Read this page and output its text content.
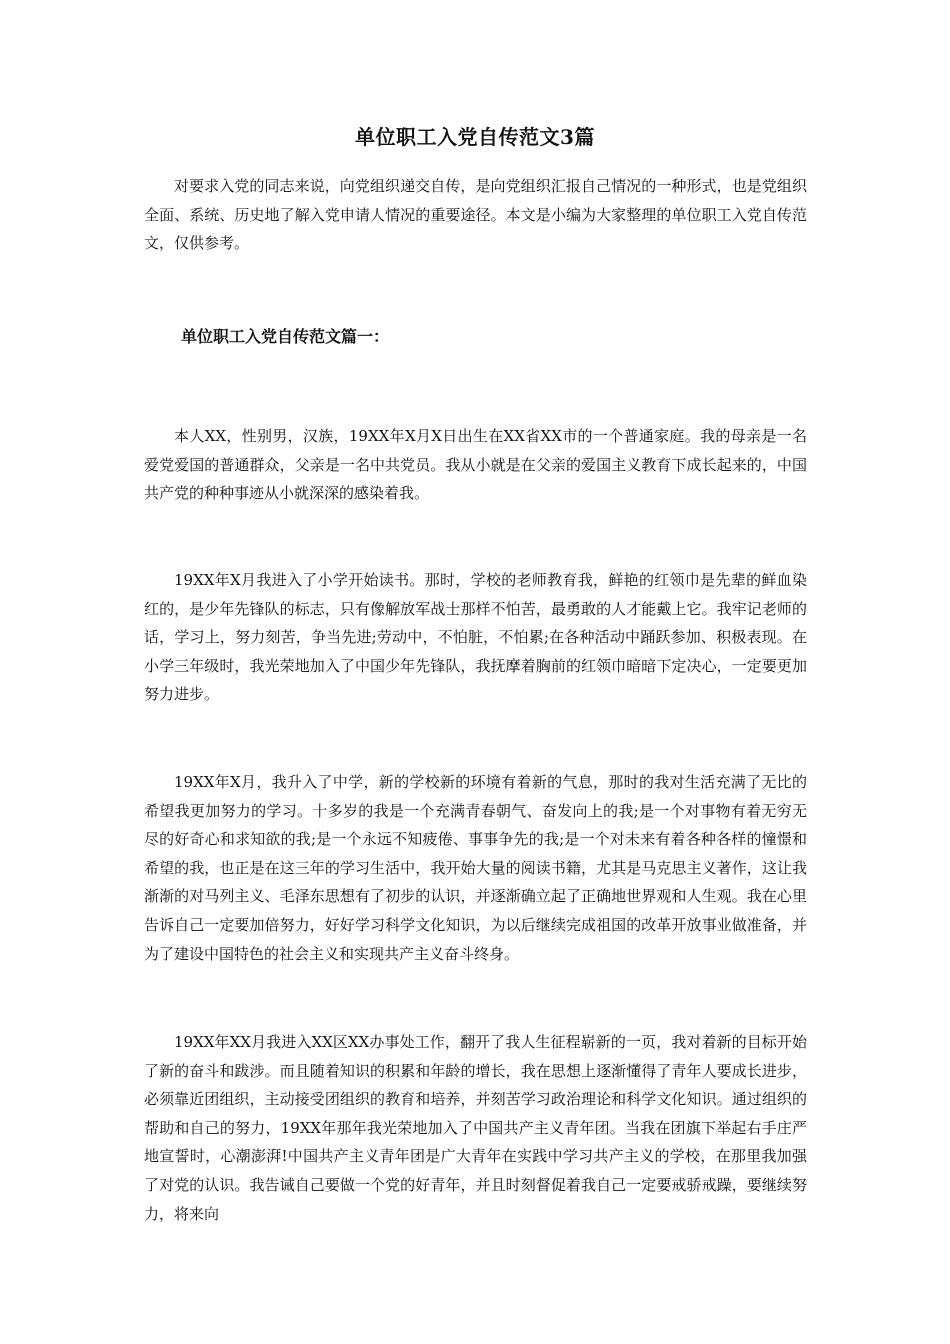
单位职工入党自传范文3篇

对要求入党的同志来说，向党组织递交自传，是向党组织汇报自己情况的一种形式，也是党组织全面、系统、历史地了解入党申请人情况的重要途径。本文是小编为大家整理的单位职工入党自传范文，仅供参考。

单位职工入党自传范文篇一：

本人XX，性别男，汉族，19XX年X月X日出生在XX省XX市的一个普通家庭。我的母亲是一名爱党爱国的普通群众，父亲是一名中共党员。我从小就是在父亲的爱国主义教育下成长起来的，中国共产党的种种事迹从小就深深的感染着我。

19XX年X月我进入了小学开始读书。那时，学校的老师教育我，鲜艳的红领巾是先辈的鲜血染红的，是少年先锋队的标志，只有像解放军战士那样不怕苦，最勇敢的人才能戴上它。我牢记老师的话，学习上，努力刻苦，争当先进;劳动中，不怕脏，不怕累;在各种活动中踊跃参加、积极表现。在小学三年级时，我光荣地加入了中国少年先锋队，我抚摩着胸前的红领巾暗暗下定决心，一定要更加努力进步。

19XX年X月，我升入了中学，新的学校新的环境有着新的气息，那时的我对生活充满了无比的希望我更加努力的学习。十多岁的我是一个充满青春朝气、奋发向上的我;是一个对事物有着无穷无尽的好奇心和求知欲的我;是一个永远不知疲倦、事事争先的我;是一个对未来有着各种各样的憧憬和希望的我，也正是在这三年的学习生活中，我开始大量的阅读书籍，尤其是马克思主义著作，这让我渐渐的对马列主义、毛泽东思想有了初步的认识，并逐渐确立起了正确地世界观和人生观。我在心里告诉自己一定要加倍努力，好好学习科学文化知识，为以后继续完成祖国的改革开放事业做准备，并为了建设中国特色的社会主义和实现共产主义奋斗终身。

19XX年XX月我进入XX区XX办事处工作，翻开了我人生征程崭新的一页，我对着新的目标开始了新的奋斗和跋涉。而且随着知识的积累和年龄的增长，我在思想上逐渐懂得了青年人要成长进步，必须靠近团组织，主动接受团组织的教育和培养，并刻苦学习政治理论和科学文化知识。通过组织的帮助和自己的努力，19XX年那年我光荣地加入了中国共产主义青年团。当我在团旗下举起右手庄严地宣誓时，心潮澎湃!中国共产主义青年团是广大青年在实践中学习共产主义的学校，在那里我加强了对党的认识。我告诫自己要做一个党的好青年，并且时刻督促着我自己一定要戒骄戒躁，要继续努力，将来向
